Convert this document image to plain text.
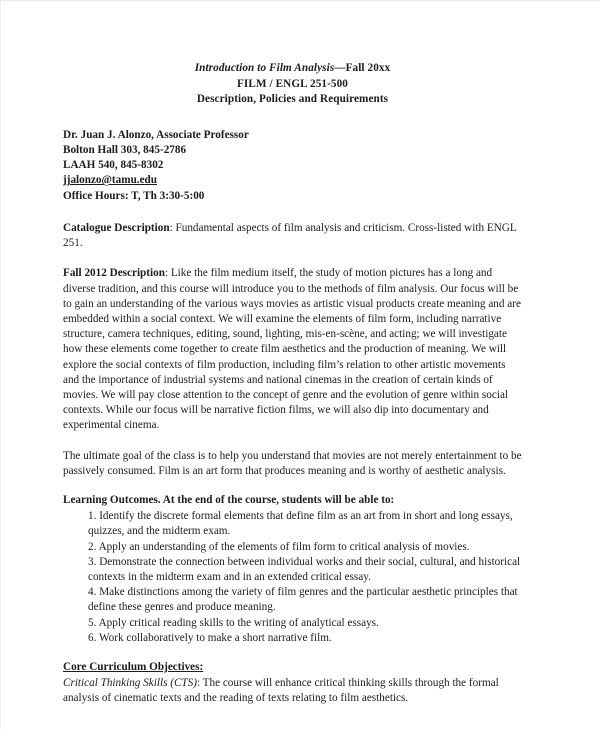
Introduction to Film Analysis—Fall 20xx
FILM / ENGL 251-500
Description, Policies and Requirements
Dr. Juan J. Alonzo, Associate Professor
Bolton Hall 303, 845-2786
LAAH 540, 845-8302
jjalonzo@tamu.edu
Office Hours: T, Th 3:30-5:00
Catalogue Description: Fundamental aspects of film analysis and criticism. Cross-listed with ENGL 251.
Fall 2012 Description: Like the film medium itself, the study of motion pictures has a long and diverse tradition, and this course will introduce you to the methods of film analysis. Our focus will be to gain an understanding of the various ways movies as artistic visual products create meaning and are embedded within a social context. We will examine the elements of film form, including narrative structure, camera techniques, editing, sound, lighting, mis-en-scène, and acting; we will investigate how these elements come together to create film aesthetics and the production of meaning. We will explore the social contexts of film production, including film’s relation to other artistic movements and the importance of industrial systems and national cinemas in the creation of certain kinds of movies. We will pay close attention to the concept of genre and the evolution of genre within social contexts. While our focus will be narrative fiction films, we will also dip into documentary and experimental cinema.
The ultimate goal of the class is to help you understand that movies are not merely entertainment to be passively consumed. Film is an art form that produces meaning and is worthy of aesthetic analysis.
Learning Outcomes. At the end of the course, students will be able to:
1. Identify the discrete formal elements that define film as an art from in short and long essays, quizzes, and the midterm exam.
2. Apply an understanding of the elements of film form to critical analysis of movies.
3. Demonstrate the connection between individual works and their social, cultural, and historical contexts in the midterm exam and in an extended critical essay.
4. Make distinctions among the variety of film genres and the particular aesthetic principles that define these genres and produce meaning.
5. Apply critical reading skills to the writing of analytical essays.
6. Work collaboratively to make a short narrative film.
Core Curriculum Objectives:
Critical Thinking Skills (CTS): The course will enhance critical thinking skills through the formal analysis of cinematic texts and the reading of texts relating to film aesthetics.
